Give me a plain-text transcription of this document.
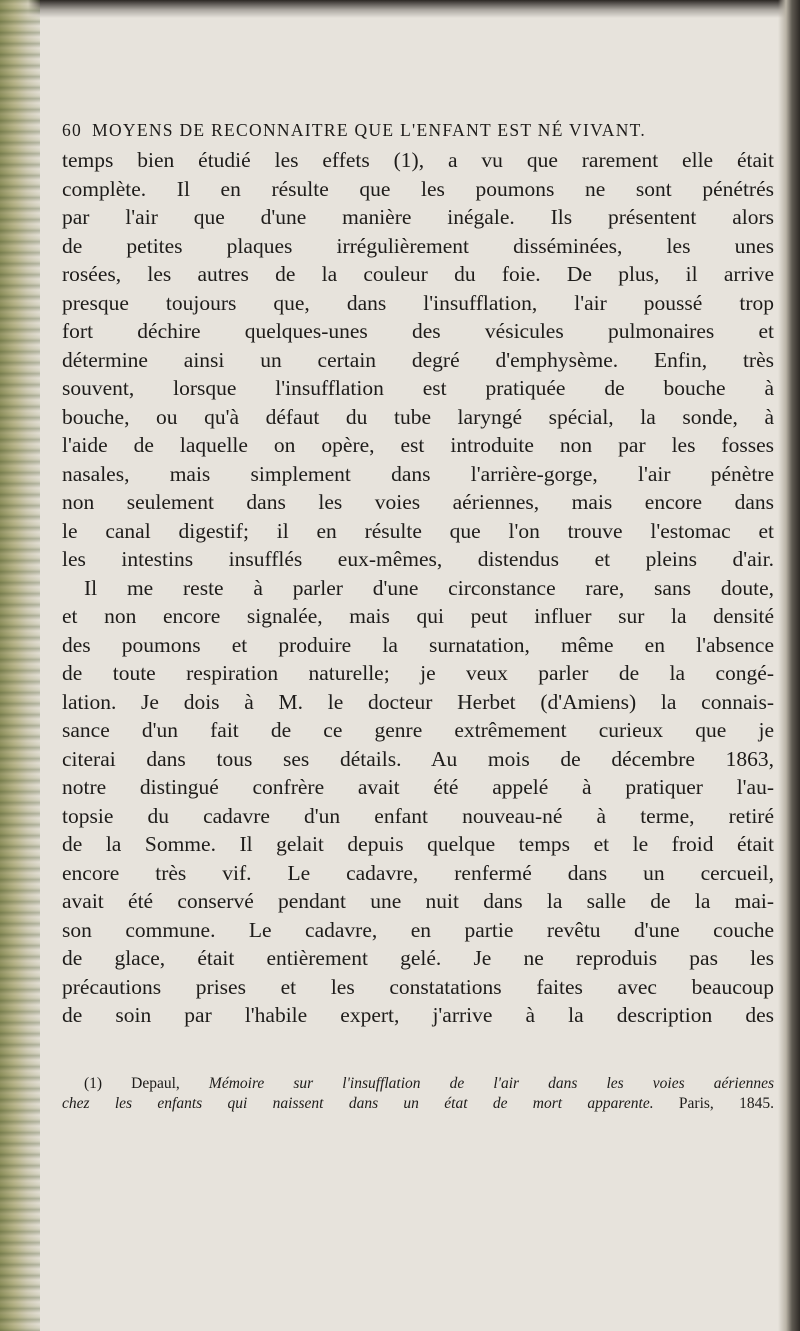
60 MOYENS DE RECONNAITRE QUE L'ENFANT EST NÉ VIVANT.
temps bien étudié les effets (1), a vu que rarement elle était
complète. Il en résulte que les poumons ne sont pénétrés
par l'air que d'une manière inégale. Ils présentent alors
de petites plaques irrégulièrement disséminées, les unes
rosées, les autres de la couleur du foie. De plus, il arrive
presque toujours que, dans l'insufflation, l'air poussé trop
fort déchire quelques-unes des vésicules pulmonaires et
détermine ainsi un certain degré d'emphysème. Enfin, très
souvent, lorsque l'insufflation est pratiquée de bouche à
bouche, ou qu'à défaut du tube laryngé spécial, la sonde, à
l'aide de laquelle on opère, est introduite non par les fosses
nasales, mais simplement dans l'arrière-gorge, l'air pénètre
non seulement dans les voies aériennes, mais encore dans
le canal digestif; il en résulte que l'on trouve l'estomac et
les intestins insufflés eux-mêmes, distendus et pleins d'air.
Il me reste à parler d'une circonstance rare, sans doute,
et non encore signalée, mais qui peut influer sur la densité
des poumons et produire la surnatation, même en l'absence
de toute respiration naturelle; je veux parler de la congé-
lation. Je dois à M. le docteur Herbet (d'Amiens) la connais-
sance d'un fait de ce genre extrêmement curieux que je
citerai dans tous ses détails. Au mois de décembre 1863,
notre distingué confrère avait été appelé à pratiquer l'au-
topsie du cadavre d'un enfant nouveau-né à terme, retiré
de la Somme. Il gelait depuis quelque temps et le froid était
encore très vif. Le cadavre, renfermé dans un cercueil,
avait été conservé pendant une nuit dans la salle de la mai-
son commune. Le cadavre, en partie revêtu d'une couche
de glace, était entièrement gelé. Je ne reproduis pas les
précautions prises et les constatations faites avec beaucoup
de soin par l'habile expert, j'arrive à la description des
(1) Depaul, Mémoire sur l'insufflation de l'air dans les voies aériennes
chez les enfants qui naissent dans un état de mort apparente. Paris, 1845.
